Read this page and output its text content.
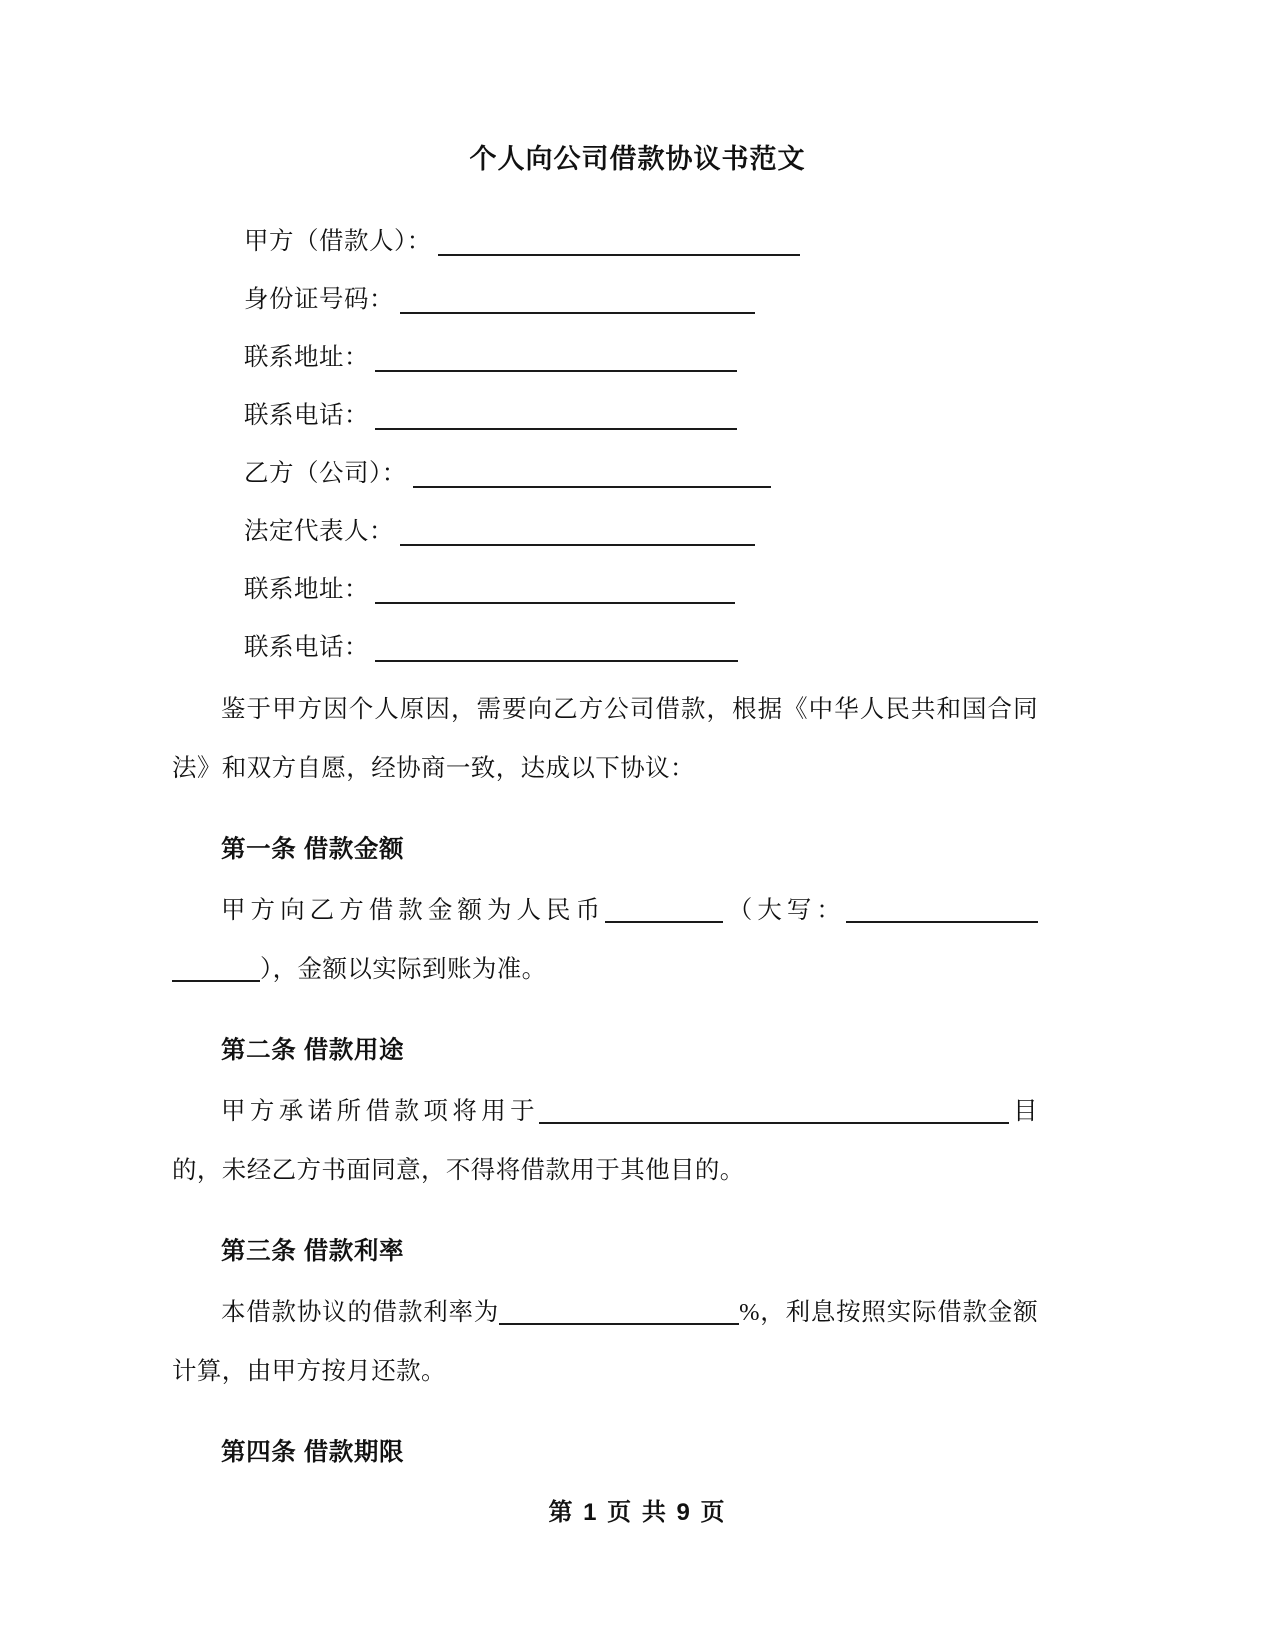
个人向公司借款协议书范文
甲方（借款人）：
身份证号码：
联系地址：
联系电话：
乙方（公司）：
法定代表人：
联系地址：
联系电话：

鉴于甲方因个人原因，需要向乙方公司借款，根据《中华人民共和国合同法》和双方自愿，经协商一致，达成以下协议：

第一条 借款金额

甲方向乙方借款金额为人民币	（大写：），金额以实际到账为准。

第二条 借款用途

甲方承诺所借款项将用于	目的，未经乙方书面同意，不得将借款用于其他目的。

第三条 借款利率

本借款协议的借款利率为	%，利息按照实际借款金额计算，由甲方按月还款。

第四条 借款期限
第 1 页 共 9 页
